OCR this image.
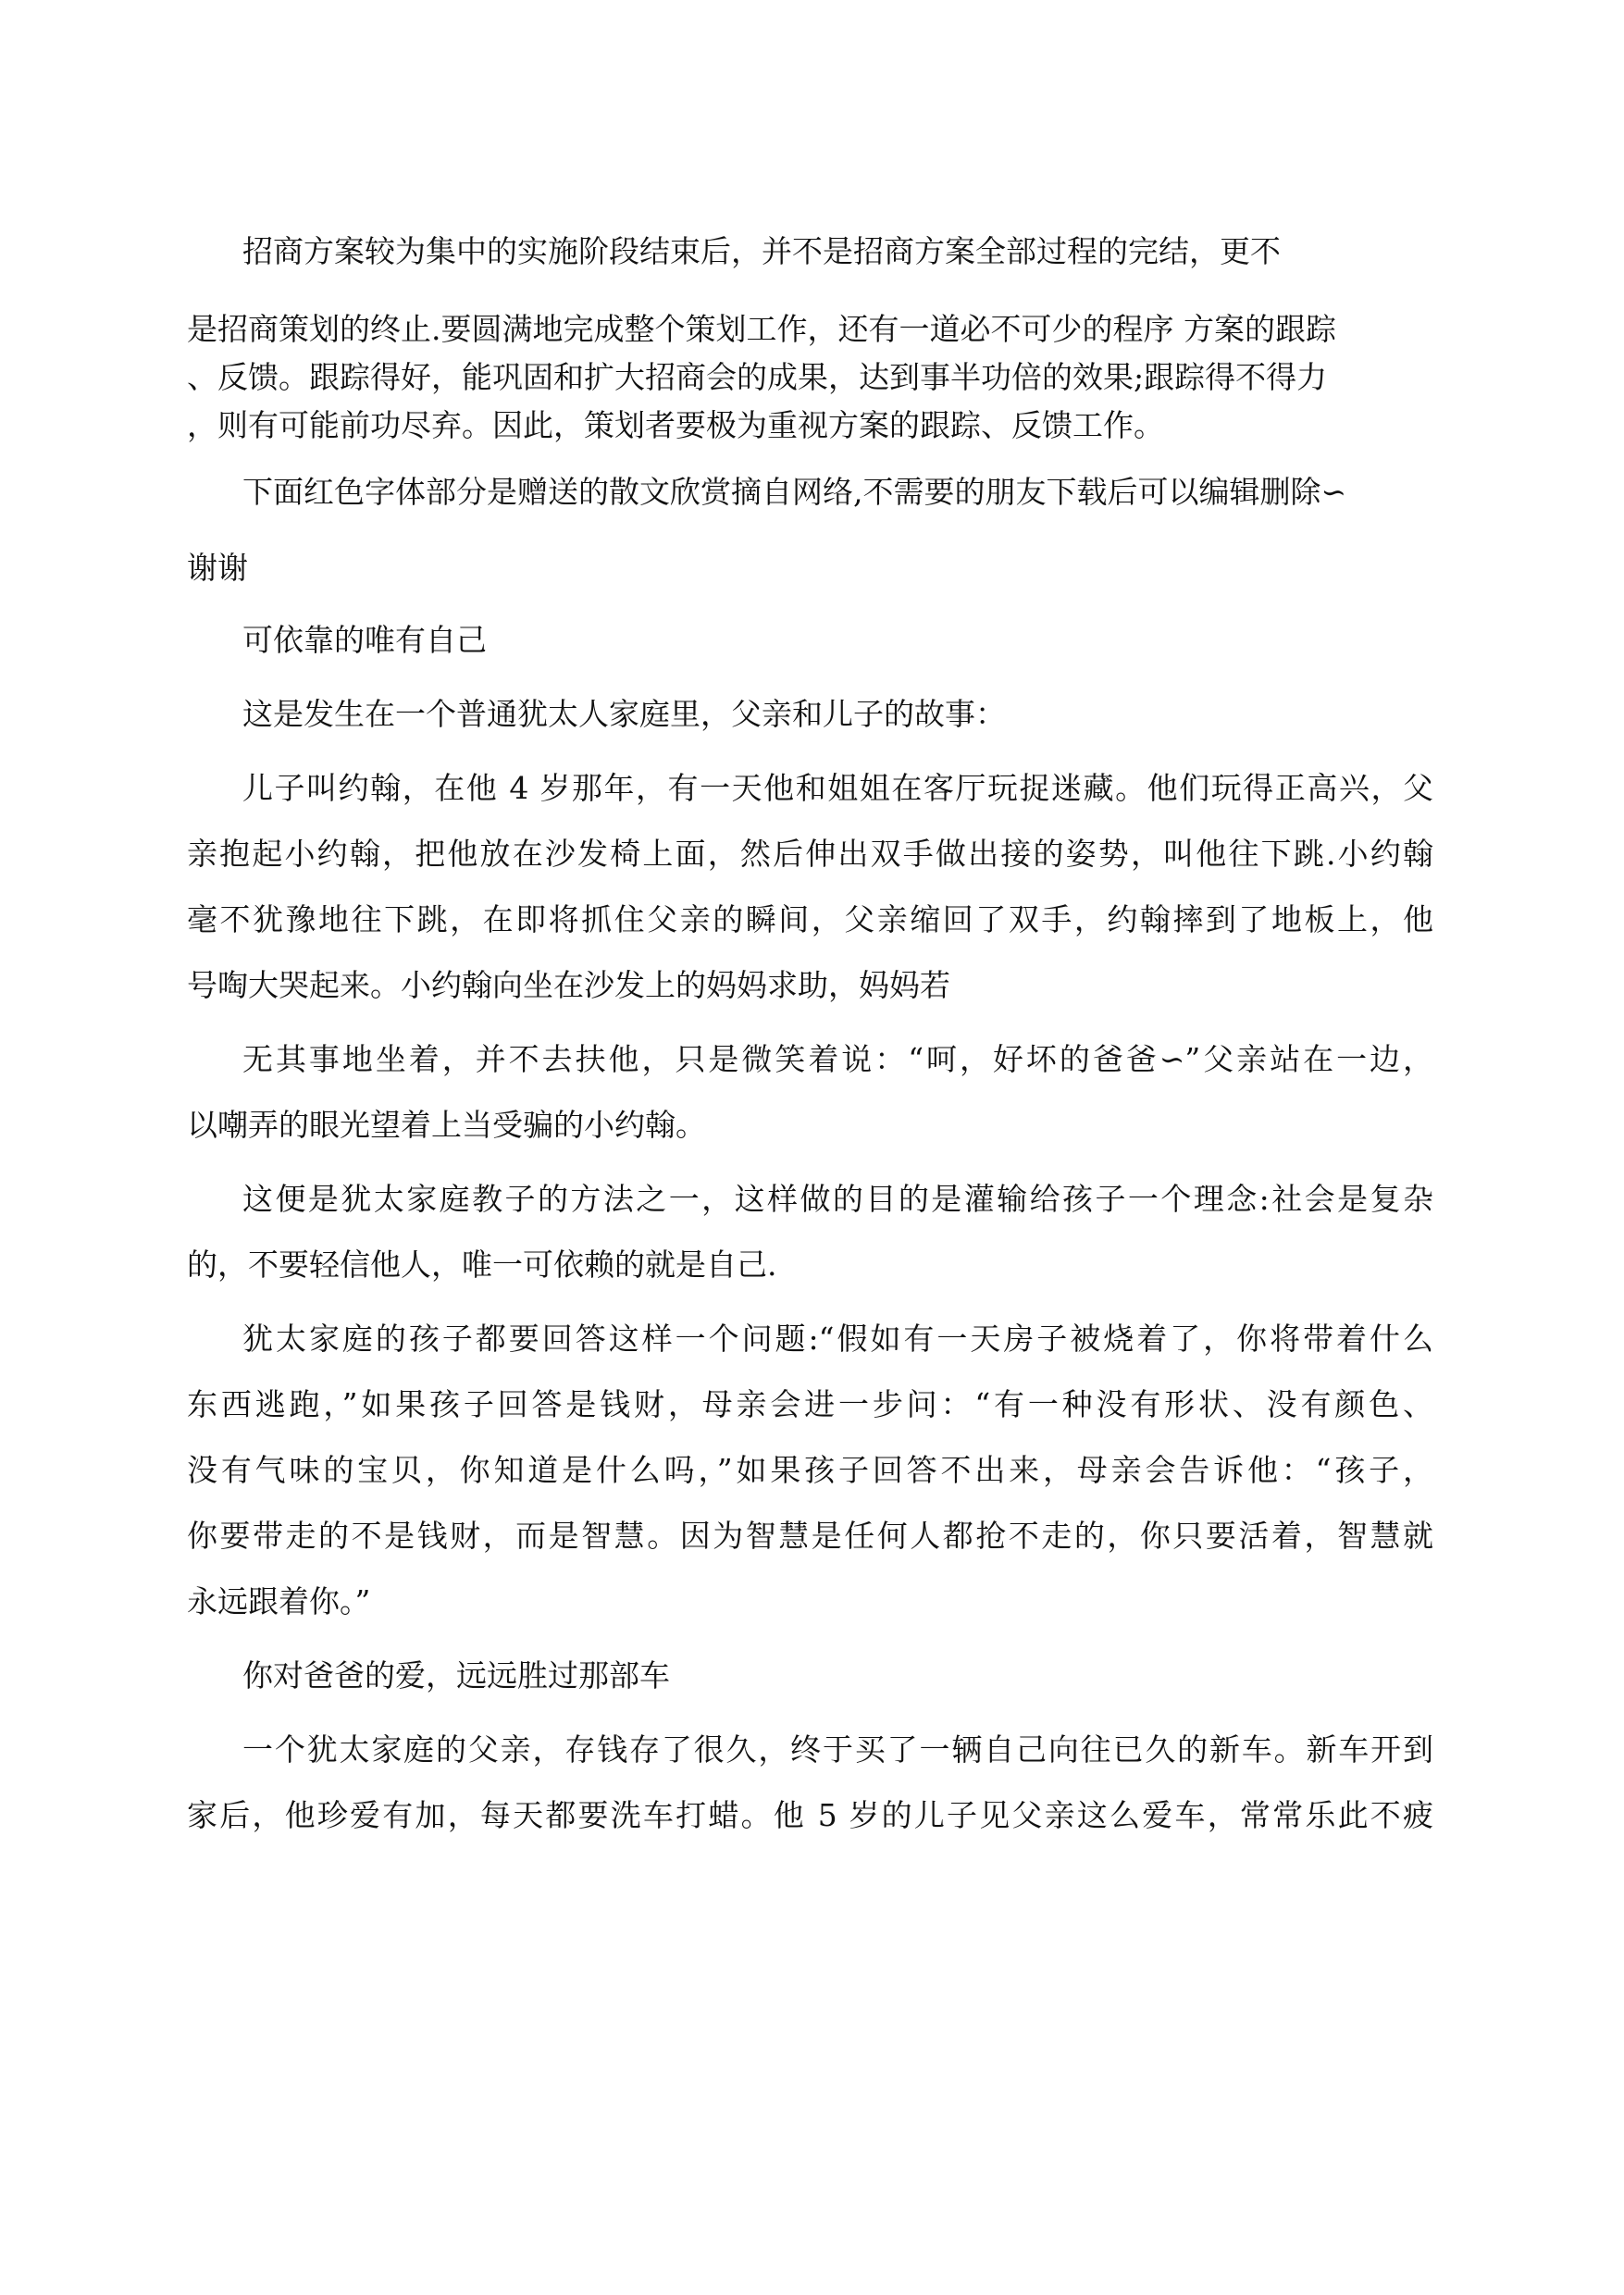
招商方案较为集中的实施阶段结束后，并不是招商方案全部过程的完结，更不

是招商策划的终止.要圆满地完成整个策划工作，还有一道必不可少的程序 方案的跟踪

、反馈。跟踪得好，能巩固和扩大招商会的成果，达到事半功倍的效果;跟踪得不得力

，则有可能前功尽弃。因此，策划者要极为重视方案的跟踪、反馈工作。

下面红色字体部分是赠送的散文欣赏摘自网络,不需要的朋友下载后可以编辑删除∽

谢谢

可依靠的唯有自己

这是发生在一个普通犹太人家庭里，父亲和儿子的故事：

儿子叫约翰，在他 4 岁那年，有一天他和姐姐在客厅玩捉迷藏。他们玩得正高兴，父

亲抱起小约翰，把他放在沙发椅上面，然后伸出双手做出接的姿势，叫他往下跳.小约翰

毫不犹豫地往下跳，在即将抓住父亲的瞬间，父亲缩回了双手，约翰摔到了地板上，他

号啕大哭起来。小约翰向坐在沙发上的妈妈求助，妈妈若

无其事地坐着，并不去扶他，只是微笑着说：“呵，好坏的爸爸∽”父亲站在一边，

以嘲弄的眼光望着上当受骗的小约翰。

这便是犹太家庭教子的方法之一，这样做的目的是灌输给孩子一个理念:社会是复杂

的，不要轻信他人，唯一可依赖的就是自己.

犹太家庭的孩子都要回答这样一个问题:“假如有一天房子被烧着了，你将带着什么

东西逃跑，”如果孩子回答是钱财，母亲会进一步问：“有一种没有形状、没有颜色、

没有气味的宝贝，你知道是什么吗，”如果孩子回答不出来，母亲会告诉他：“孩子，

你要带走的不是钱财，而是智慧。因为智慧是任何人都抢不走的，你只要活着，智慧就

永远跟着你。”

你对爸爸的爱，远远胜过那部车

一个犹太家庭的父亲，存钱存了很久，终于买了一辆自己向往已久的新车。新车开到

家后，他珍爱有加，每天都要洗车打蜡。他 5 岁的儿子见父亲这么爱车，常常乐此不疲
